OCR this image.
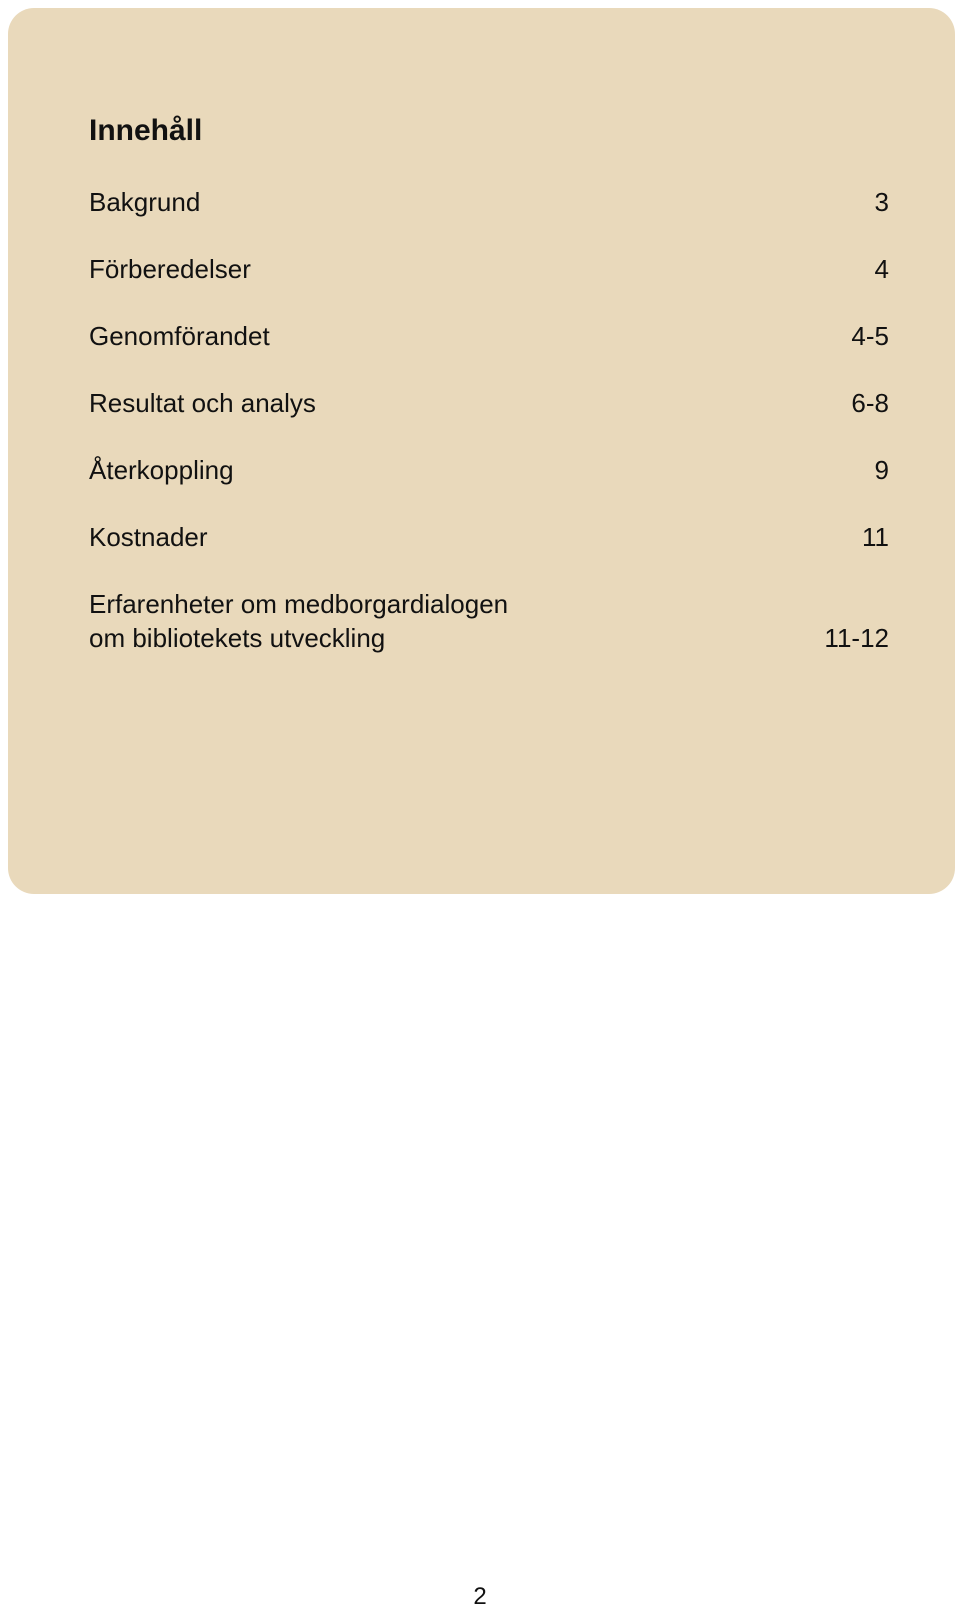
Innehåll
Bakgrund	3
Förberedelser	4
Genomförandet	4-5
Resultat och analys	6-8
Återkoppling	9
Kostnader	11
Erfarenheter om medborgardialogen
om bibliotekets utveckling	11-12
2
